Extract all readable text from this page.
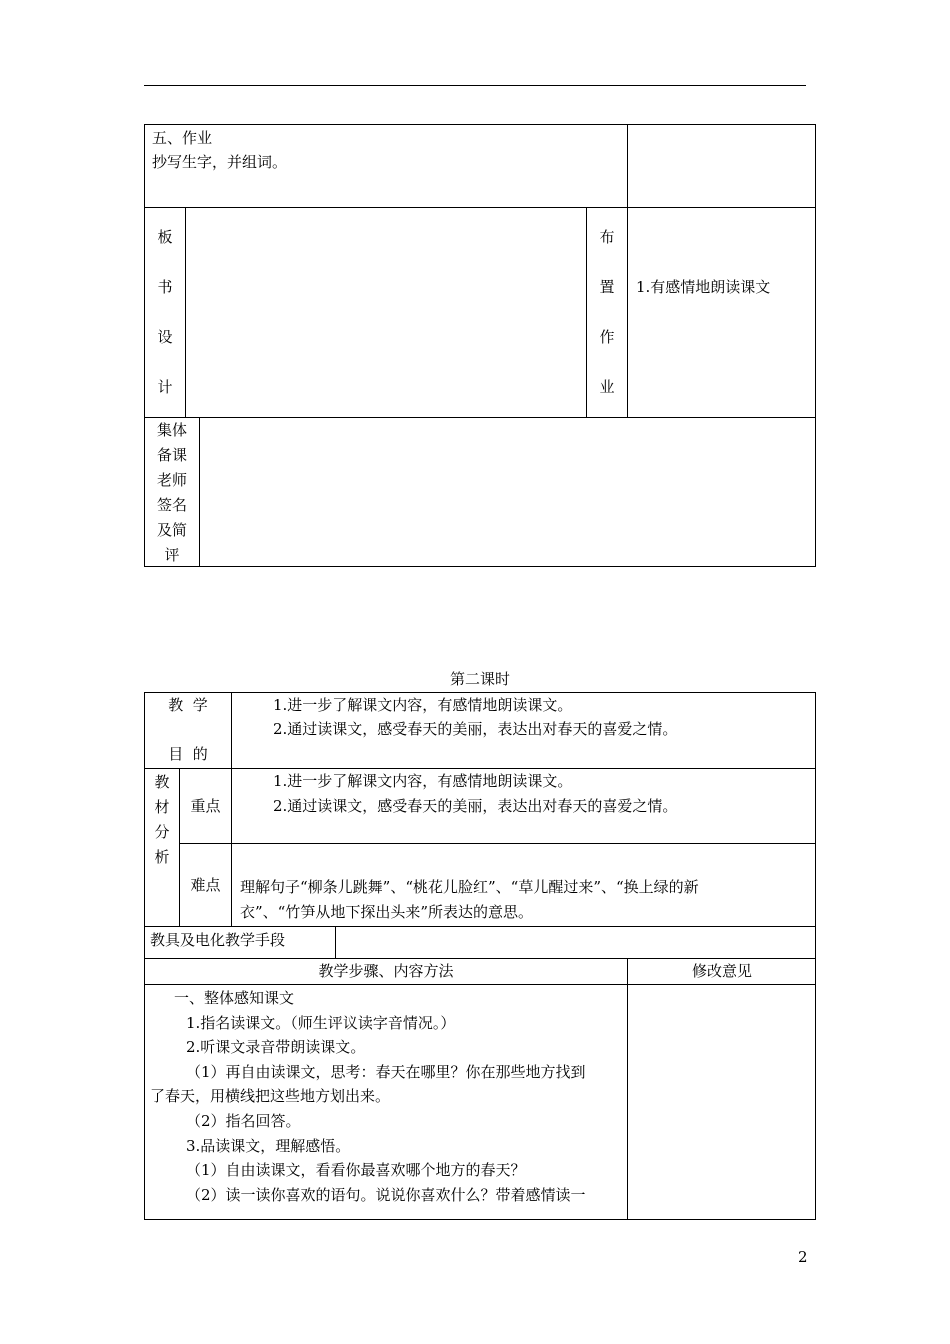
五、作业
抄写生字，并组词。
板
书
设
计
布
置
作
业
1.有感情地朗读课文
集体
备课
老师
签名
及简
评
第二课时
教  学
目  的
1.进一步了解课文内容，有感情地朗读课文。
2.通过读课文，感受春天的美丽，表达出对春天的喜爱之情。
教
材
分
析
重点
1.进一步了解课文内容，有感情地朗读课文。
2.通过读课文，感受春天的美丽，表达出对春天的喜爱之情。
难点	理解句子“柳条儿跳舞”、“桃花儿脸红”、“草儿醒过来”、“换上绿的新
衣”、“竹笋从地下探出头来”所表达的意思。
教具及电化教学手段
教学步骤、内容方法	修改意见
一、整体感知课文
1.指名读课文。（师生评议读字音情况。）
2.听课文录音带朗读课文。
（1）再自由读课文，思考：春天在哪里？你在那些地方找到
了春天，用横线把这些地方划出来。
（2）指名回答。
3.品读课文，理解感悟。
（1）自由读课文，看看你最喜欢哪个地方的春天？
（2）读一读你喜欢的语句。说说你喜欢什么？带着感情读一
2
